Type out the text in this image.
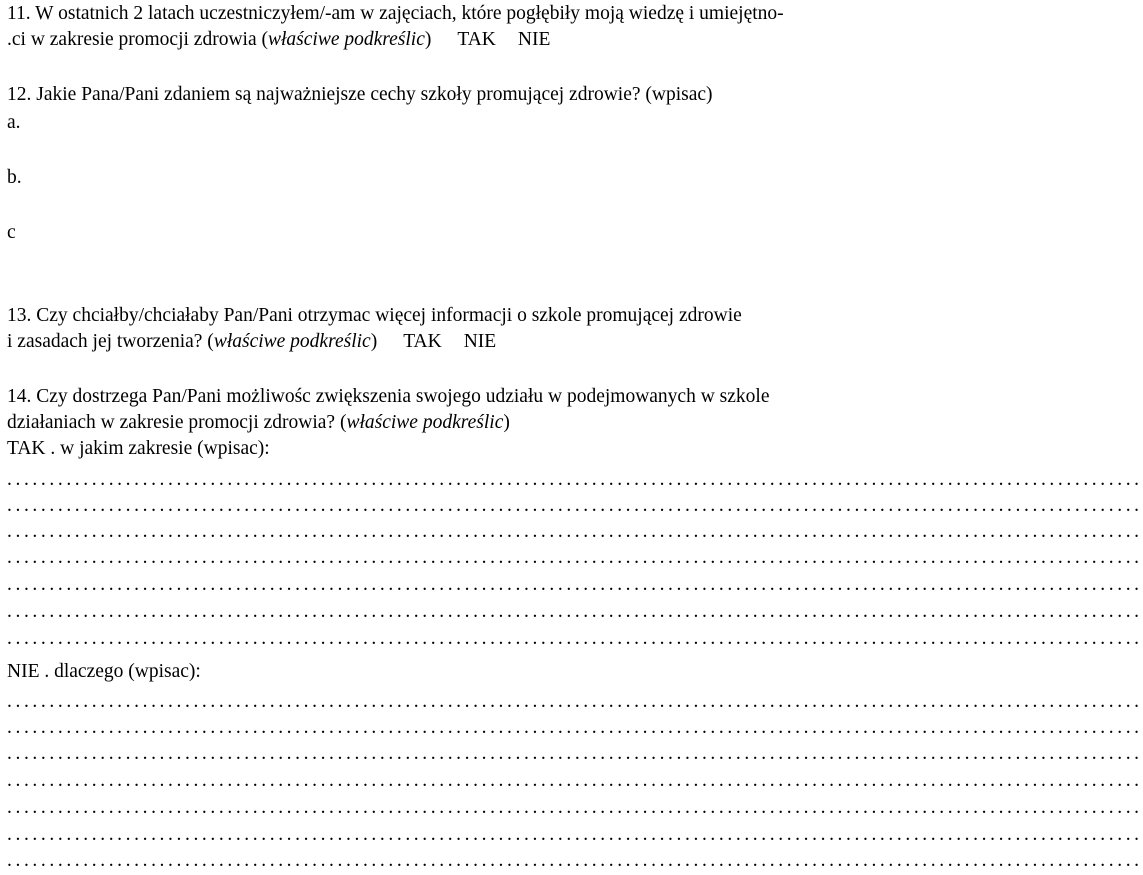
11. W ostatnich 2 latach uczestniczyłem/-am w zajęciach, które pogłębiły moją wiedzę i umiejętno-
.ci w zakresie promocji zdrowia (właściwe podkreślic) TAK NIE
12. Jakie Pana/Pani zdaniem są najważniejsze cechy szkoły promującej zdrowie? (wpisac)
a.
b.
c
13. Czy chciałby/chciałaby Pan/Pani otrzymac więcej informacji o szkole promującej zdrowie
i zasadach jej tworzenia? (właściwe podkreślic) TAK NIE
14. Czy dostrzega Pan/Pani możliwośc zwiększenia swojego udziału w podejmowanych w szkole
działaniach w zakresie promocji zdrowia? (właściwe podkreślic)
TAK . w jakim zakresie (wpisac):
......................................................................................................................................
......................................................................................................................................
......................................................................................................................................
......................................................................................................................................
......................................................................................................................................
......................................................................................................................................
......................................................................................................................................
NIE . dlaczego (wpisac):
......................................................................................................................................
......................................................................................................................................
......................................................................................................................................
......................................................................................................................................
......................................................................................................................................
......................................................................................................................................
......................................................................................................................................
